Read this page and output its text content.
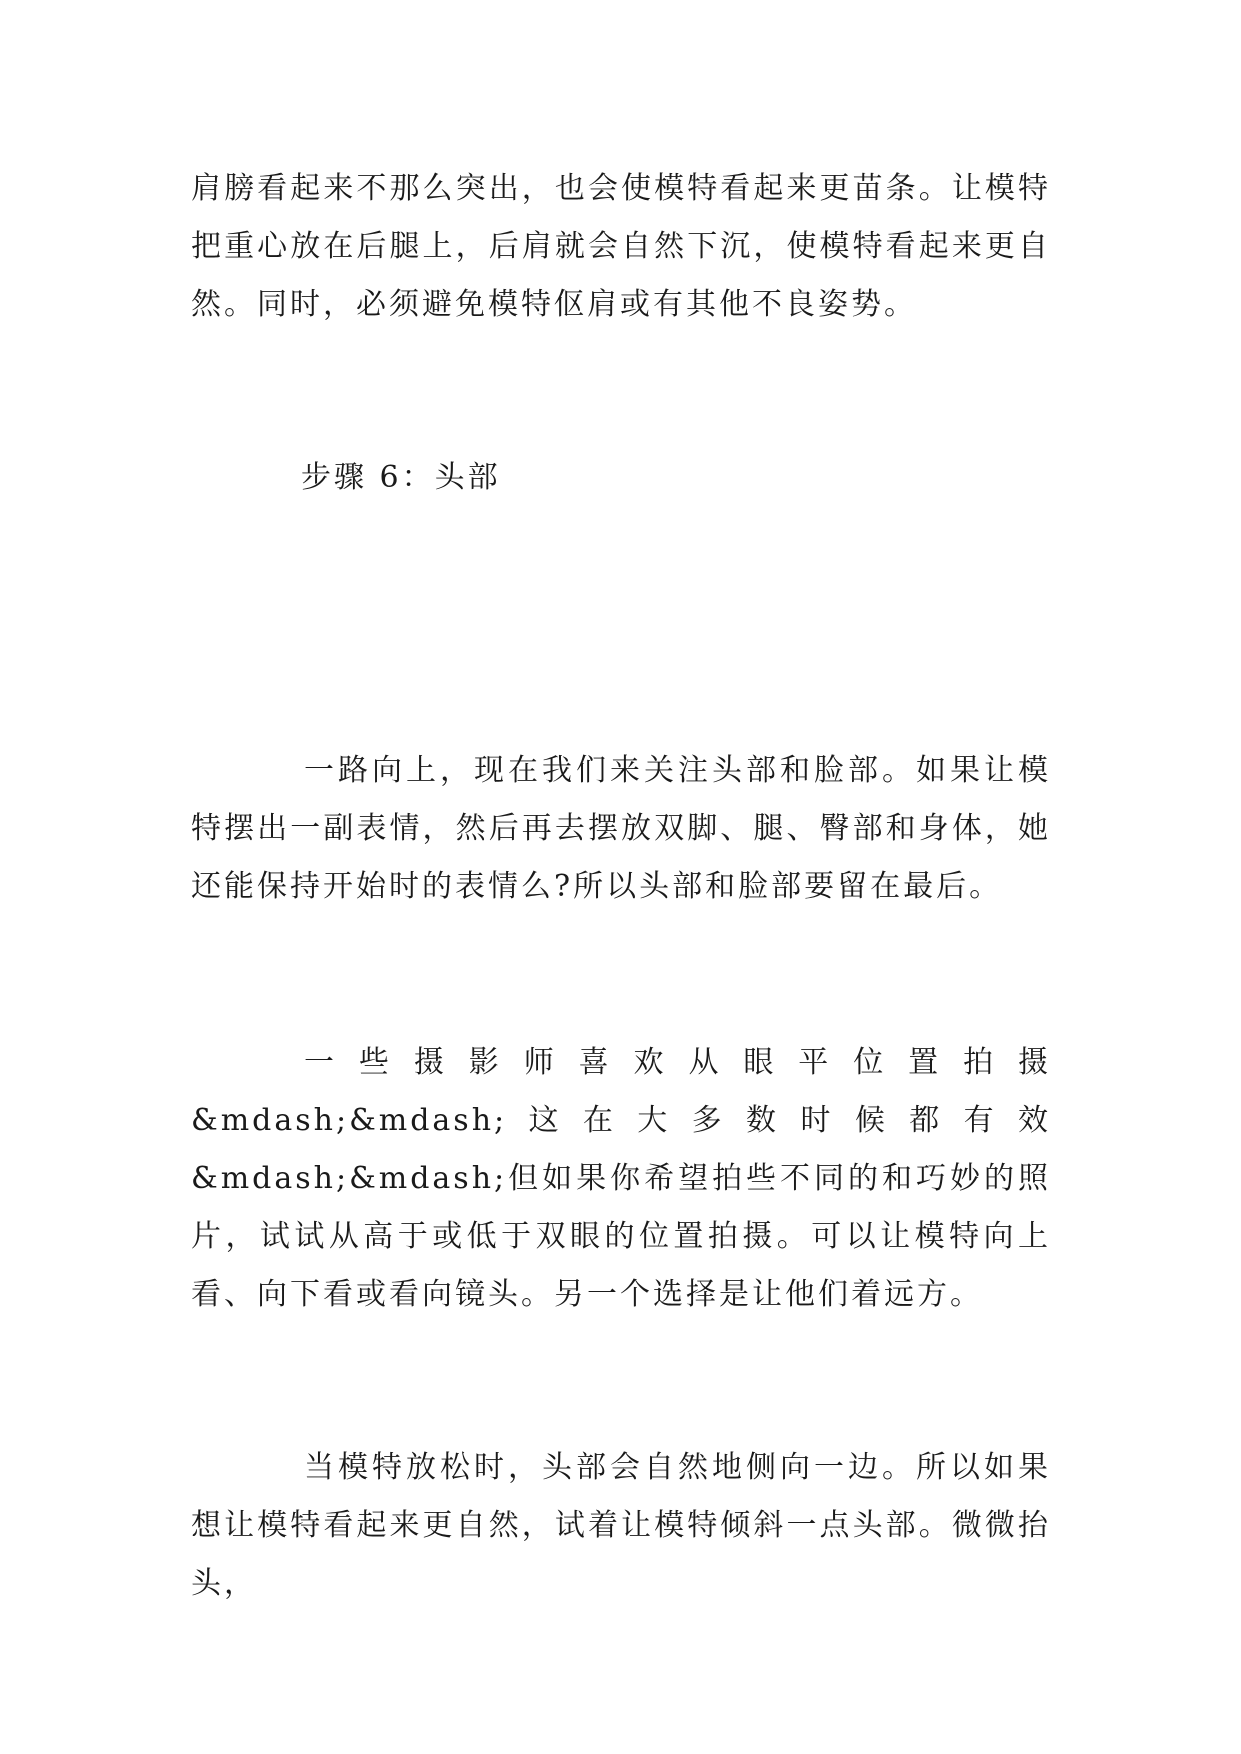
肩膀看起来不那么突出，也会使模特看起来更苗条。让模特把重心放在后腿上，后肩就会自然下沉，使模特看起来更自然。同时，必须避免模特伛肩或有其他不良姿势。

步骤 6：头部

一路向上，现在我们来关注头部和脸部。如果让模特摆出一副表情，然后再去摆放双脚、腿、臀部和身体，她还能保持开始时的表情么?所以头部和脸部要留在最后。

一些摄影师喜欢从眼平位置拍摄&mdash;&mdash;这在大多数时候都有效&mdash;&mdash;但如果你希望拍些不同的和巧妙的照片，试试从高于或低于双眼的位置拍摄。可以让模特向上看、向下看或看向镜头。另一个选择是让他们着远方。

当模特放松时，头部会自然地侧向一边。所以如果想让模特看起来更自然，试着让模特倾斜一点头部。微微抬头，
